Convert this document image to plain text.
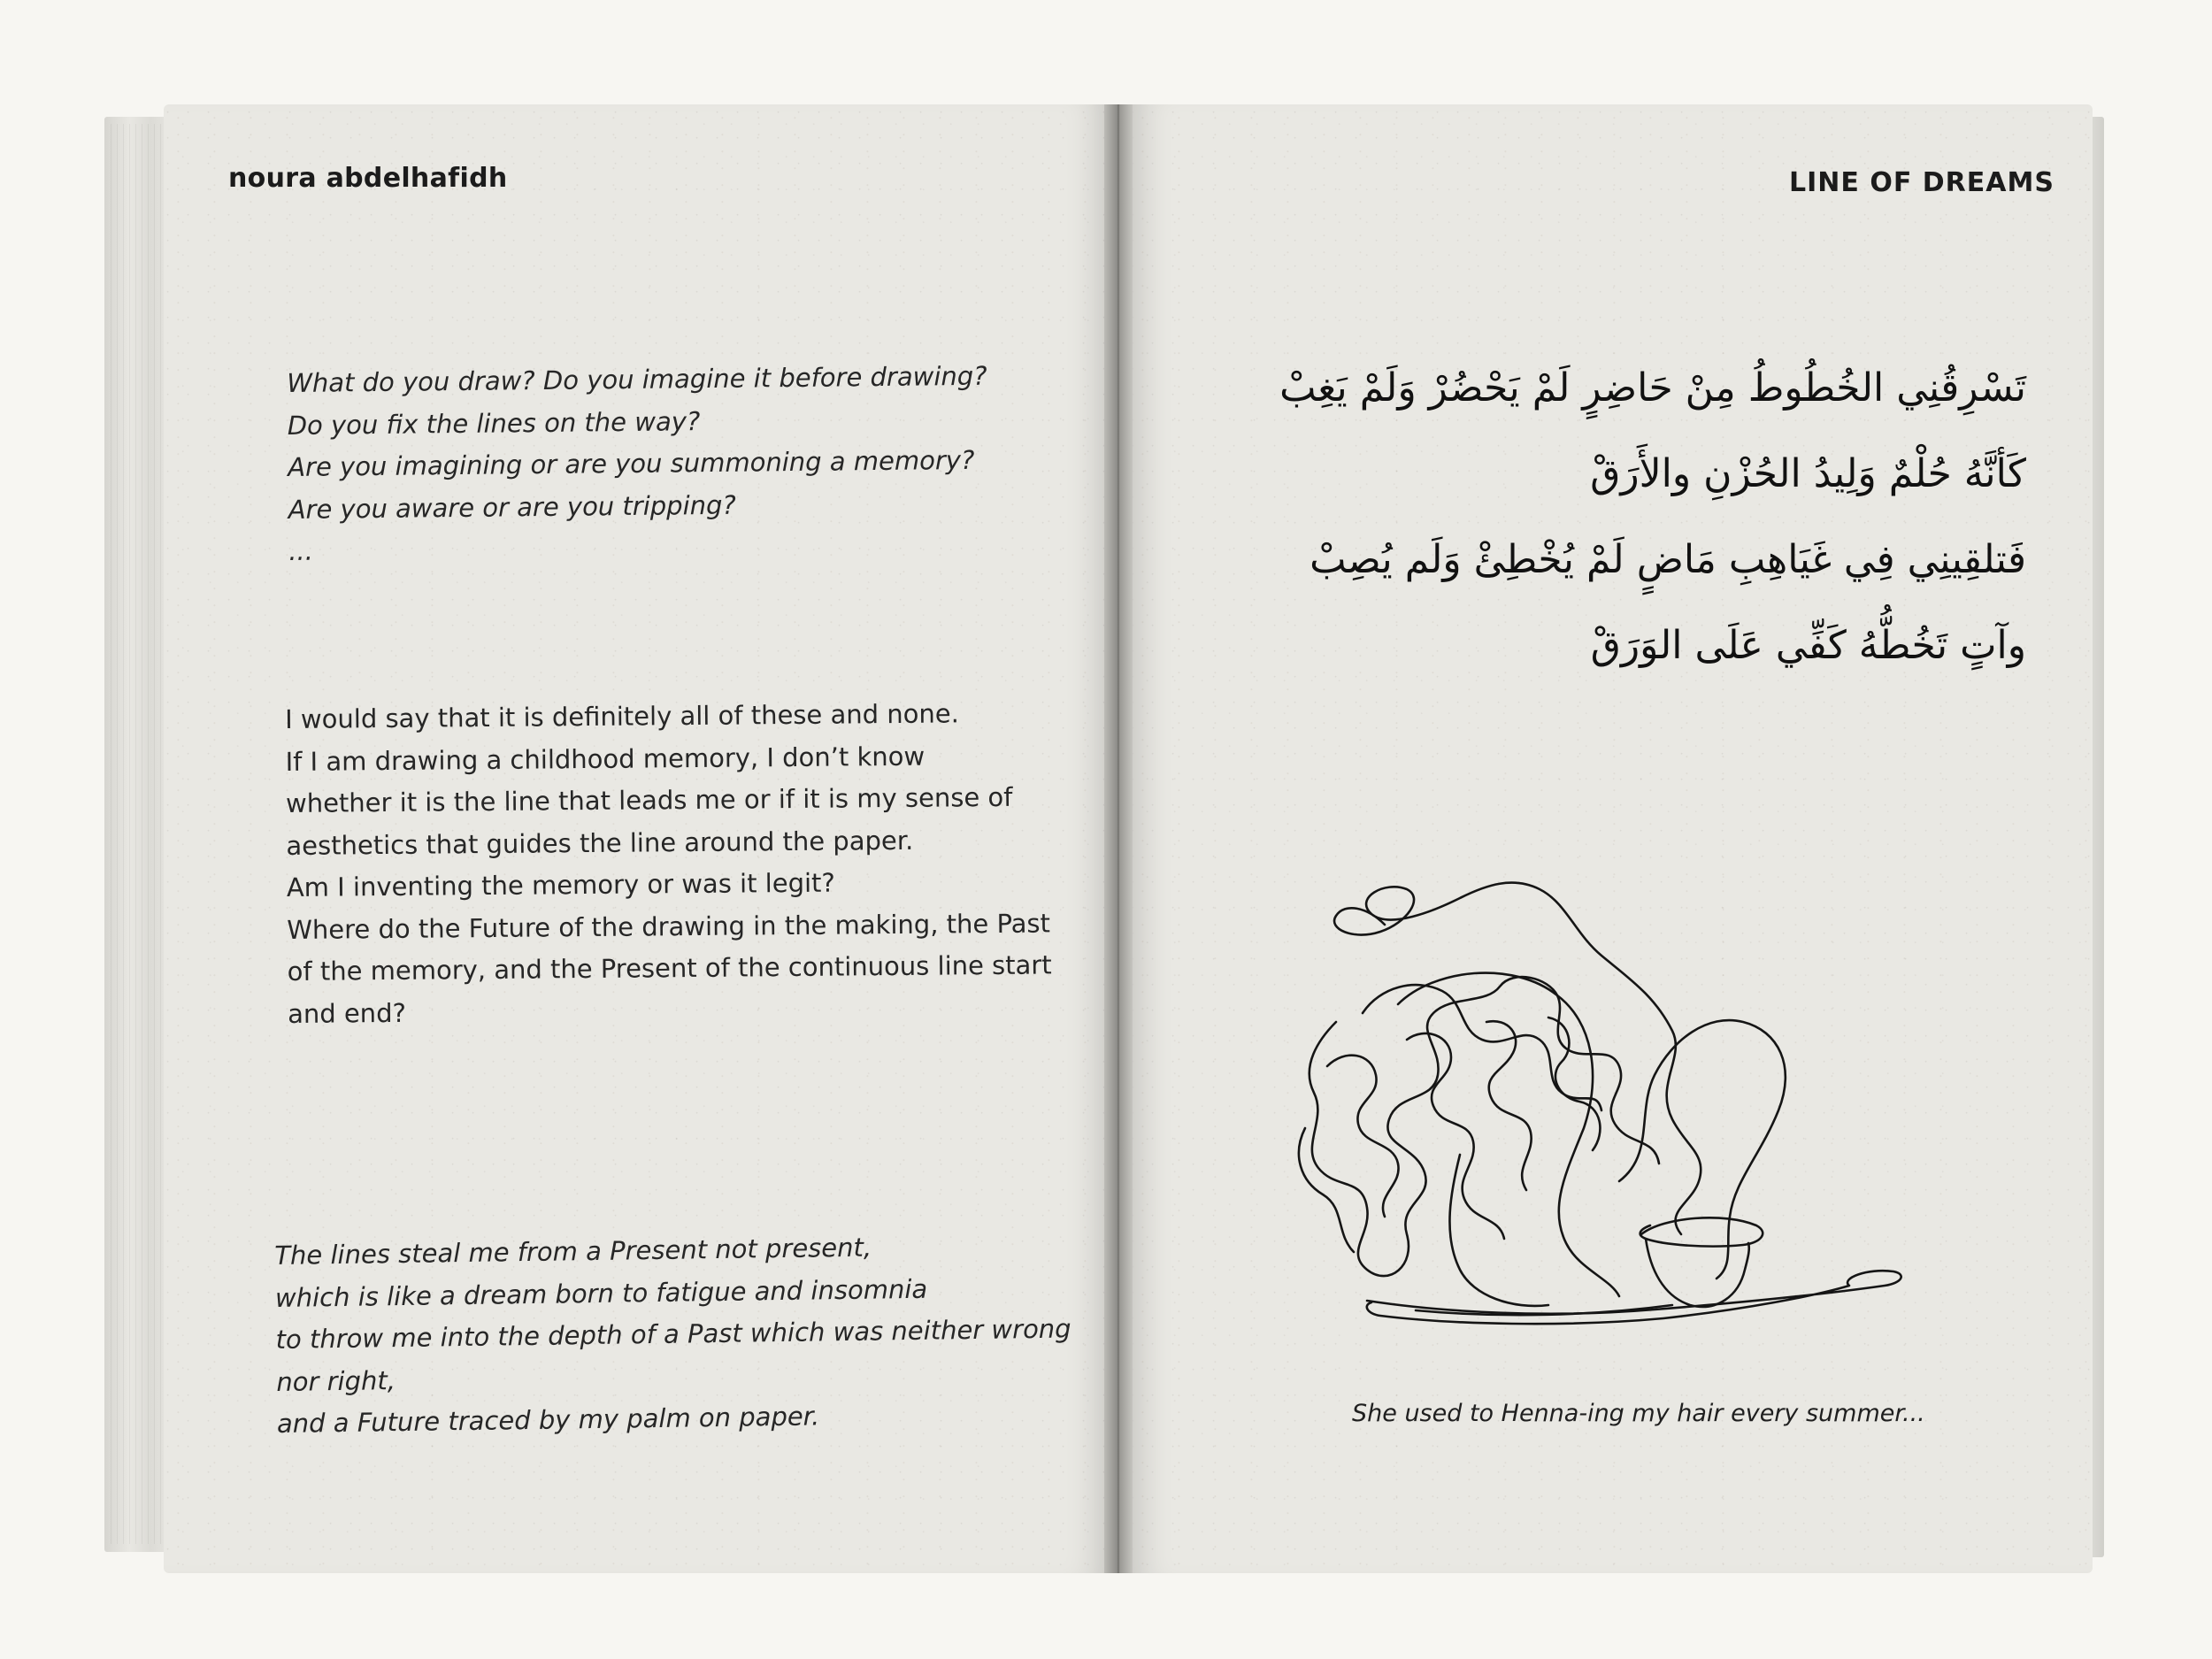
noura abdelhafidh	LINE OF DREAMS
What do you draw? Do you imagine it before drawing?
Do you fix the lines on the way?
Are you imagining or are you summoning a memory?
Are you aware or are you tripping?
...
I would say that it is definitely all of these and none.
If I am drawing a childhood memory, I don’t know
whether it is the line that leads me or if it is my sense of
aesthetics that guides the line around the paper.
Am I inventing the memory or was it legit?
Where do the Future of the drawing in the making, the Past
of the memory, and the Present of the continuous line start
and end?
The lines steal me from a Present not present,
which is like a dream born to fatigue and insomnia
to throw me into the depth of a Past which was neither wrong
nor right,
and a Future traced by my palm on paper.
تَسْرِقُنِي الخُطُوطُ مِنْ حَاضِرٍ لَمْ يَحْضُرْ وَلَمْ يَغِبْ
كَأنَّهُ حُلْمٌ وَلِيدُ الحُزْنِ والأَرَقْ
فَتلقِينِي فِي غَيَاهِبِ مَاضٍ لَمْ يُخْطِئْ وَلَم يُصِبْ
وآتٍ تَخُطُّهُ كَفِّي عَلَى الوَرَقْ
She used to Henna-ing my hair every summer...
